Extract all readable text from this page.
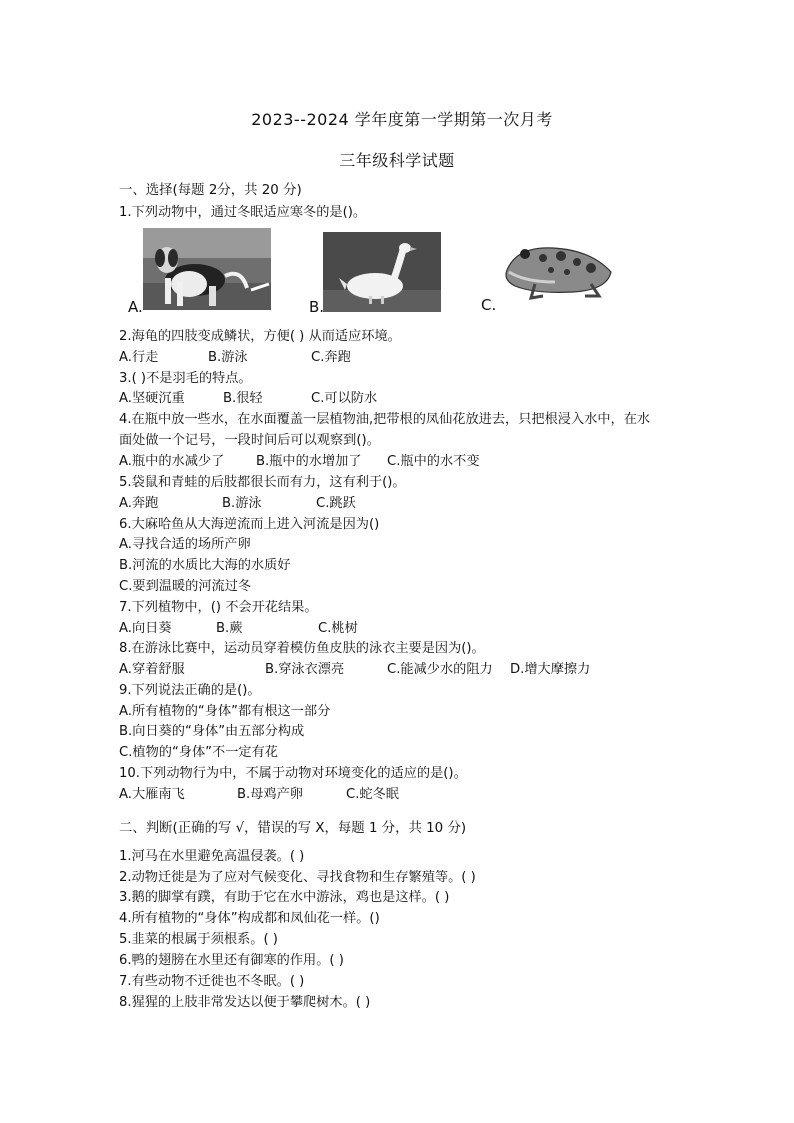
2023--2024 学年度第一学期第一次月考
三年级科学试题
一、选择(每题 2分，共 20 分)
1.下列动物中，通过冬眠适应寒冬的是()。
A.	B.	C.
2.海龟的四肢变成鳞状，方便( ) 从而适应环境。
A.行走	B.游泳	C.奔跑
3.( )不是羽毛的特点。
A.坚硬沉重	B.很轻	C.可以防水
4.在瓶中放一些水，在水面覆盖一层植物油,把带根的凤仙花放进去，只把根浸入水中，在水
面处做一个记号，一段时间后可以观察到()。
A.瓶中的水减少了 B.瓶中的水增加了 C.瓶中的水不变
5.袋鼠和青蛙的后肢都很长而有力，这有利于()。
A.奔跑	B.游泳	C.跳跃
6.大麻哈鱼从大海逆流而上进入河流是因为()
A.寻找合适的场所产卵
B.河流的水质比大海的水质好
C.要到温暖的河流过冬
7.下列植物中，() 不会开花结果。
A.向日葵	B.蕨	C.桃树
8.在游泳比赛中，运动员穿着模仿鱼皮肤的泳衣主要是因为()。
A.穿着舒服	B.穿泳衣漂亮	C.能减少水的阻力 D.增大摩擦力
9.下列说法正确的是()。
A.所有植物的“身体”都有根这一部分
B.向日葵的“身体”由五部分构成
C.植物的“身体”不一定有花
10.下列动物行为中，不属于动物对环境变化的适应的是()。
A.大雁南飞	B.母鸡产卵	C.蛇冬眠
二、判断(正确的写 √，错误的写 X，每题 1 分，共 10 分)
1.河马在水里避免高温侵袭。( )
2.动物迁徙是为了应对气候变化、寻找食物和生存繁殖等。( )
3.鹅的脚掌有蹼，有助于它在水中游泳，鸡也是这样。( )
4.所有植物的“身体”构成都和凤仙花一样。()
5.韭菜的根属于须根系。( )
6.鸭的翅膀在水里还有御寒的作用。( )
7.有些动物不迁徙也不冬眠。( )
8.猩猩的上肢非常发达以便于攀爬树木。( )
